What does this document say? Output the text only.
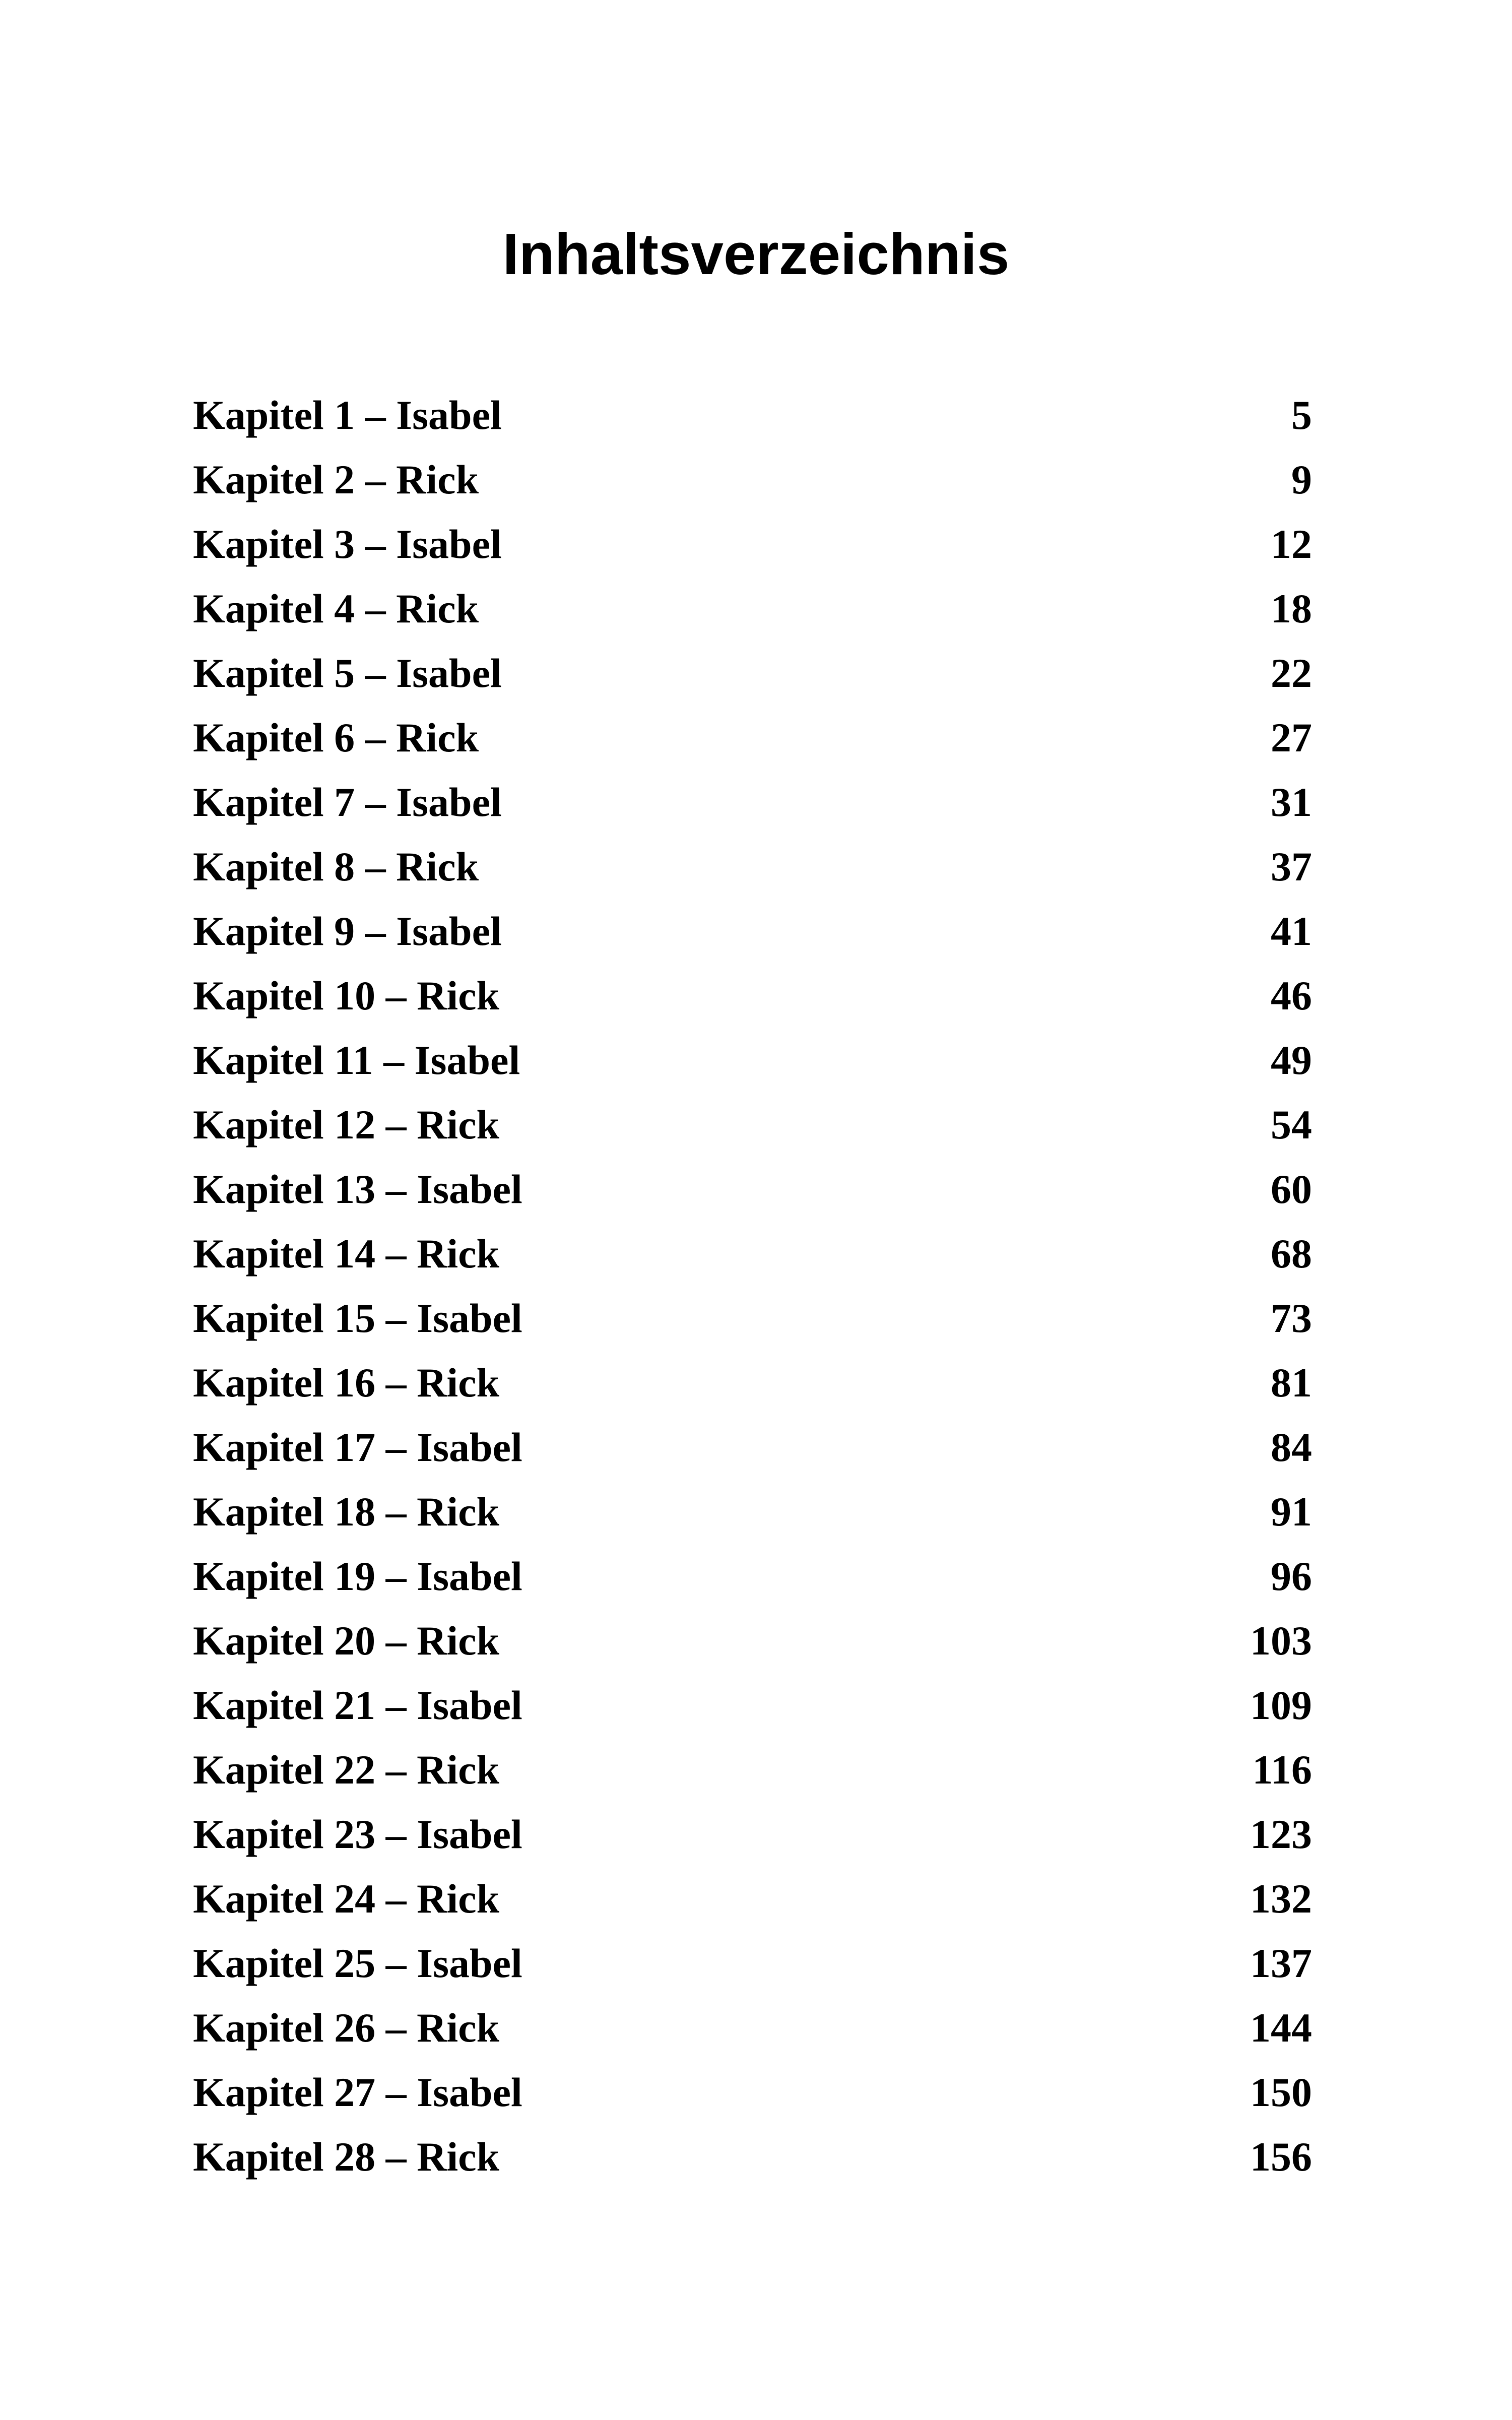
Inhaltsverzeichnis
Kapitel 1 – Isabel	5
Kapitel 2 – Rick	9
Kapitel 3 – Isabel	12
Kapitel 4 – Rick	18
Kapitel 5 – Isabel	22
Kapitel 6 – Rick	27
Kapitel 7 – Isabel	31
Kapitel 8 – Rick	37
Kapitel 9 – Isabel	41
Kapitel 10 – Rick	46
Kapitel 11 – Isabel	49
Kapitel 12 – Rick	54
Kapitel 13 – Isabel	60
Kapitel 14 – Rick	68
Kapitel 15 – Isabel	73
Kapitel 16 – Rick	81
Kapitel 17 – Isabel	84
Kapitel 18 – Rick	91
Kapitel 19 – Isabel	96
Kapitel 20 – Rick	103
Kapitel 21 – Isabel	109
Kapitel 22 – Rick	116
Kapitel 23 – Isabel	123
Kapitel 24 – Rick	132
Kapitel 25 – Isabel	137
Kapitel 26 – Rick	144
Kapitel 27 – Isabel	150
Kapitel 28 – Rick	156
